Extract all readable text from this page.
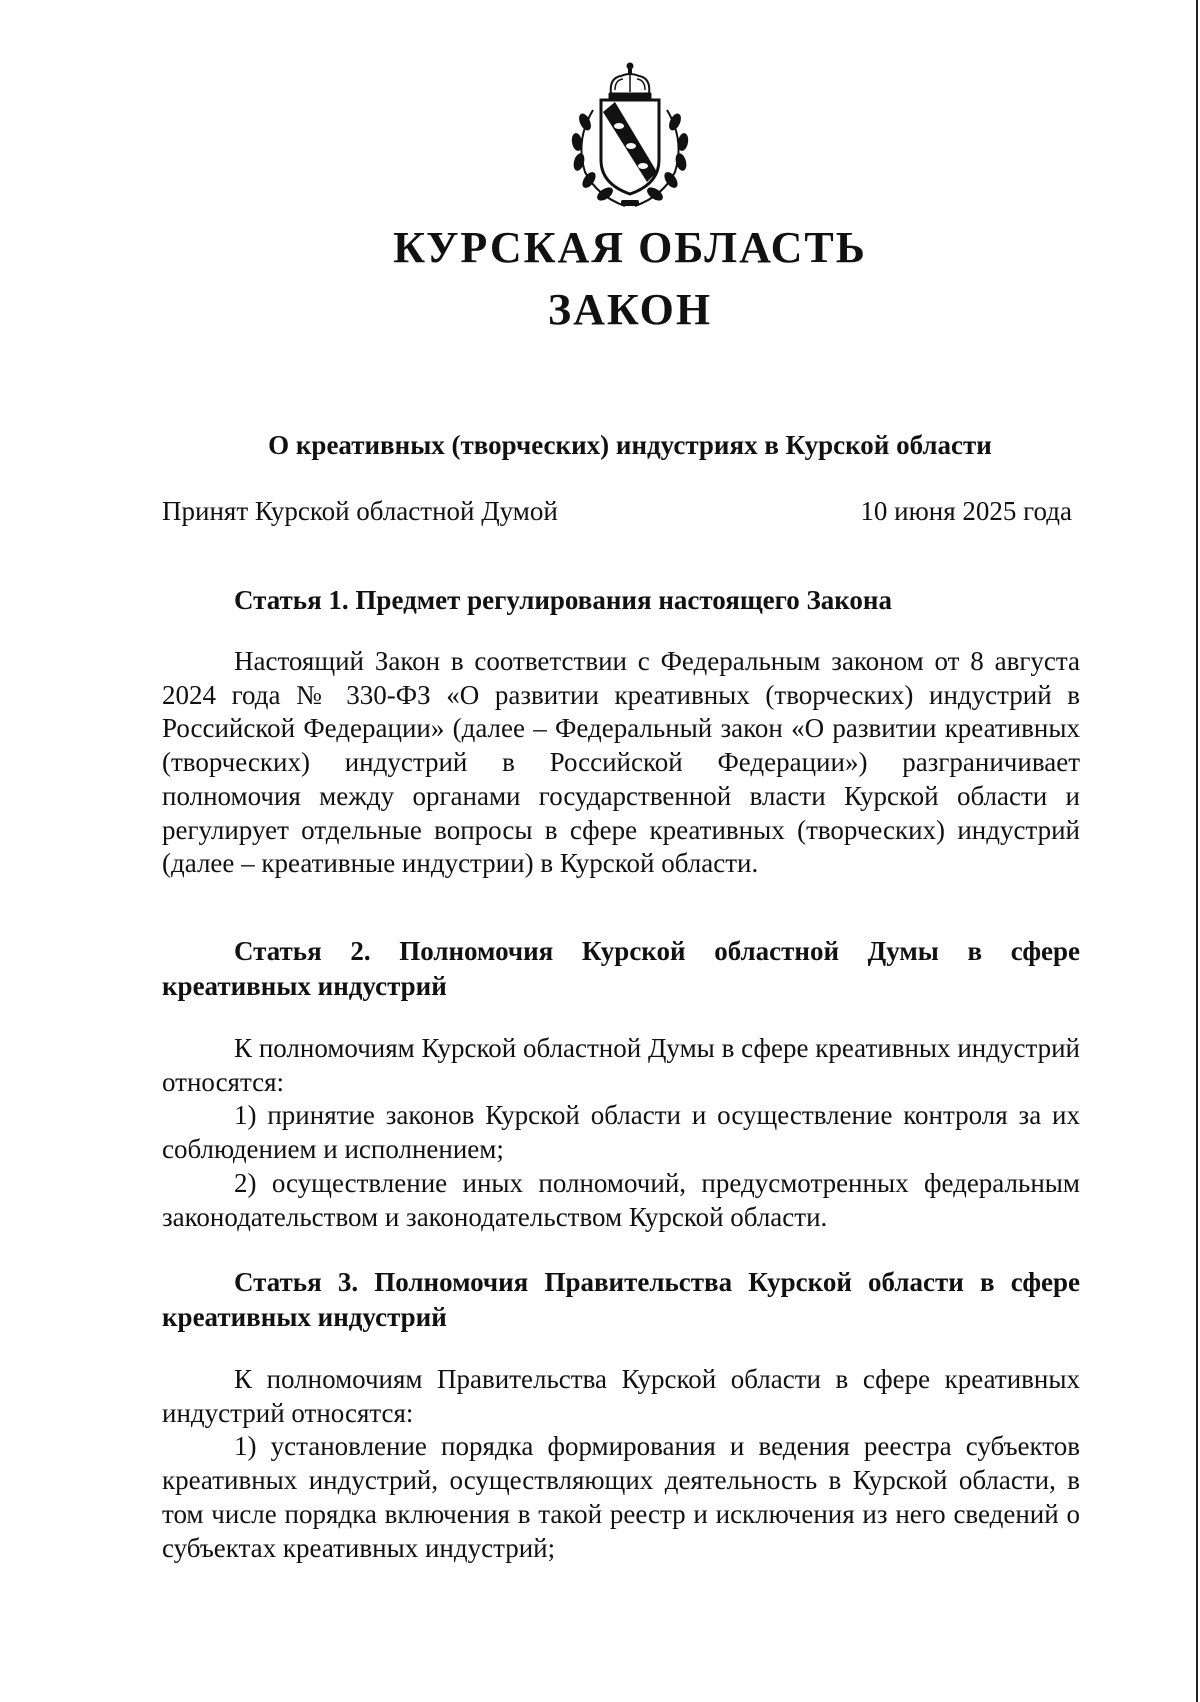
КУРСКАЯ ОБЛАСТЬ
ЗАКОН
О креативных (творческих) индустриях в Курской области
Принят Курской областной Думой	10 июня 2025 года
Статья 1. Предмет регулирования настоящего Закона

Настоящий Закон в соответствии с Федеральным законом от 8 августа 2024 года № 330-ФЗ «О развитии креативных (творческих) индустрий в Российской Федерации» (далее – Федеральный закон «О развитии креативных (творческих) индустрий в Российской Федерации») разграничивает полномочия между органами государственной власти Курской области и регулирует отдельные вопросы в сфере креативных (творческих) индустрий (далее – креативные индустрии) в Курской области.

Статья 2. Полномочия Курской областной Думы в сфере креативных индустрий

К полномочиям Курской областной Думы в сфере креативных индустрий относятся:

1) принятие законов Курской области и осуществление контроля за их соблюдением и исполнением;

2) осуществление иных полномочий, предусмотренных федеральным законодательством и законодательством Курской области.

Статья 3. Полномочия Правительства Курской области в сфере креативных индустрий

К полномочиям Правительства Курской области в сфере креативных индустрий относятся:

1) установление порядка формирования и ведения реестра субъектов креативных индустрий, осуществляющих деятельность в Курской области, в том числе порядка включения в такой реестр и исключения из него сведений о субъектах креативных индустрий;
